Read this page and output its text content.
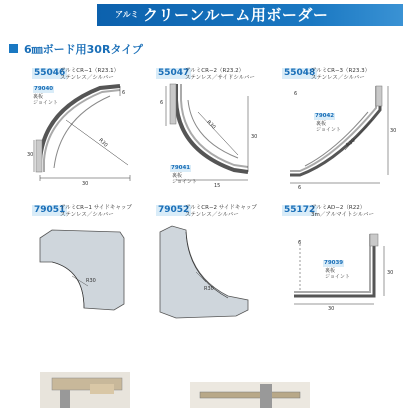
アルミ クリーンルーム用ボーダー
6㎜ボード用30Rタイプ
55046
アルミCR−1（R23.1）
ステンレス／シルバー
79040
裏板
ジョイント
30
R30
30
6
55047
アルミCR−2（R23.2）
ステンレス／サイドシルバー
79041
裏板
ジョイント
6
R30
30
15
55048
アルミCR−3（R23.3）
ステンレス／シルバー
79042
裏板
ジョイント
6
R30
30
6
79051
アルミCR−1 サイドキャップ
ステンレス／シルバー
R30
79052
アルミCR−2 サイドキャップ
ステンレス／シルバー
R30
55172
アルミAD−2（R22）
3m／アルマイトシルバー
79039
裏板
ジョイント
6
30
30
